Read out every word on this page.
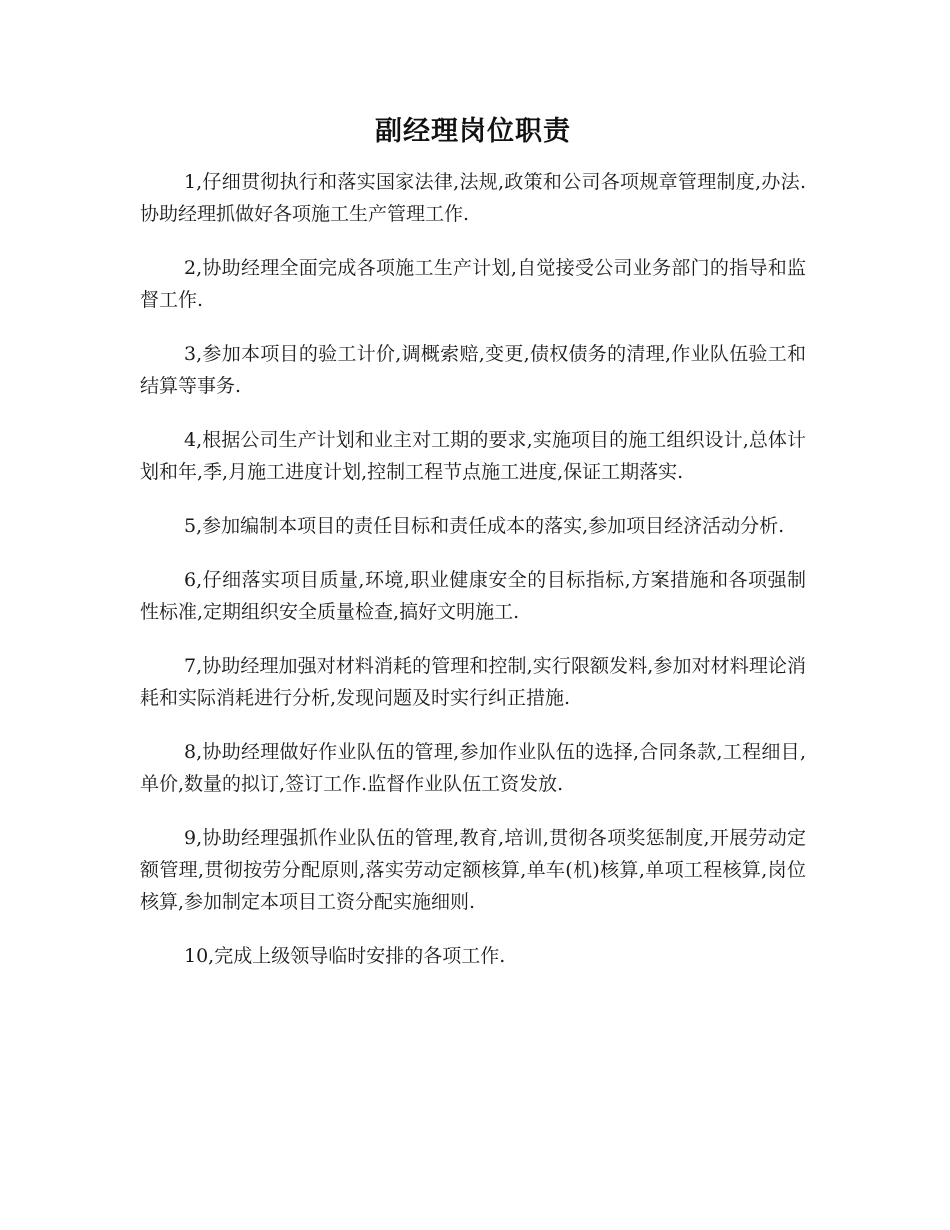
副经理岗位职责

1,仔细贯彻执行和落实国家法律,法规,政策和公司各项规章管理制度,办法.协助经理抓做好各项施工生产管理工作.

2,协助经理全面完成各项施工生产计划,自觉接受公司业务部门的指导和监督工作.

3,参加本项目的验工计价,调概索赔,变更,债权债务的清理,作业队伍验工和结算等事务.

4,根据公司生产计划和业主对工期的要求,实施项目的施工组织设计,总体计划和年,季,月施工进度计划,控制工程节点施工进度,保证工期落实.

5,参加编制本项目的责任目标和责任成本的落实,参加项目经济活动分析.

6,仔细落实项目质量,环境,职业健康安全的目标指标,方案措施和各项强制性标准,定期组织安全质量检查,搞好文明施工.

7,协助经理加强对材料消耗的管理和控制,实行限额发料,参加对材料理论消耗和实际消耗进行分析,发现问题及时实行纠正措施.

8,协助经理做好作业队伍的管理,参加作业队伍的选择,合同条款,工程细目,单价,数量的拟订,签订工作.监督作业队伍工资发放.

9,协助经理强抓作业队伍的管理,教育,培训,贯彻各项奖惩制度,开展劳动定额管理,贯彻按劳分配原则,落实劳动定额核算,单车(机)核算,单项工程核算,岗位核算,参加制定本项目工资分配实施细则.

10,完成上级领导临时安排的各项工作.
